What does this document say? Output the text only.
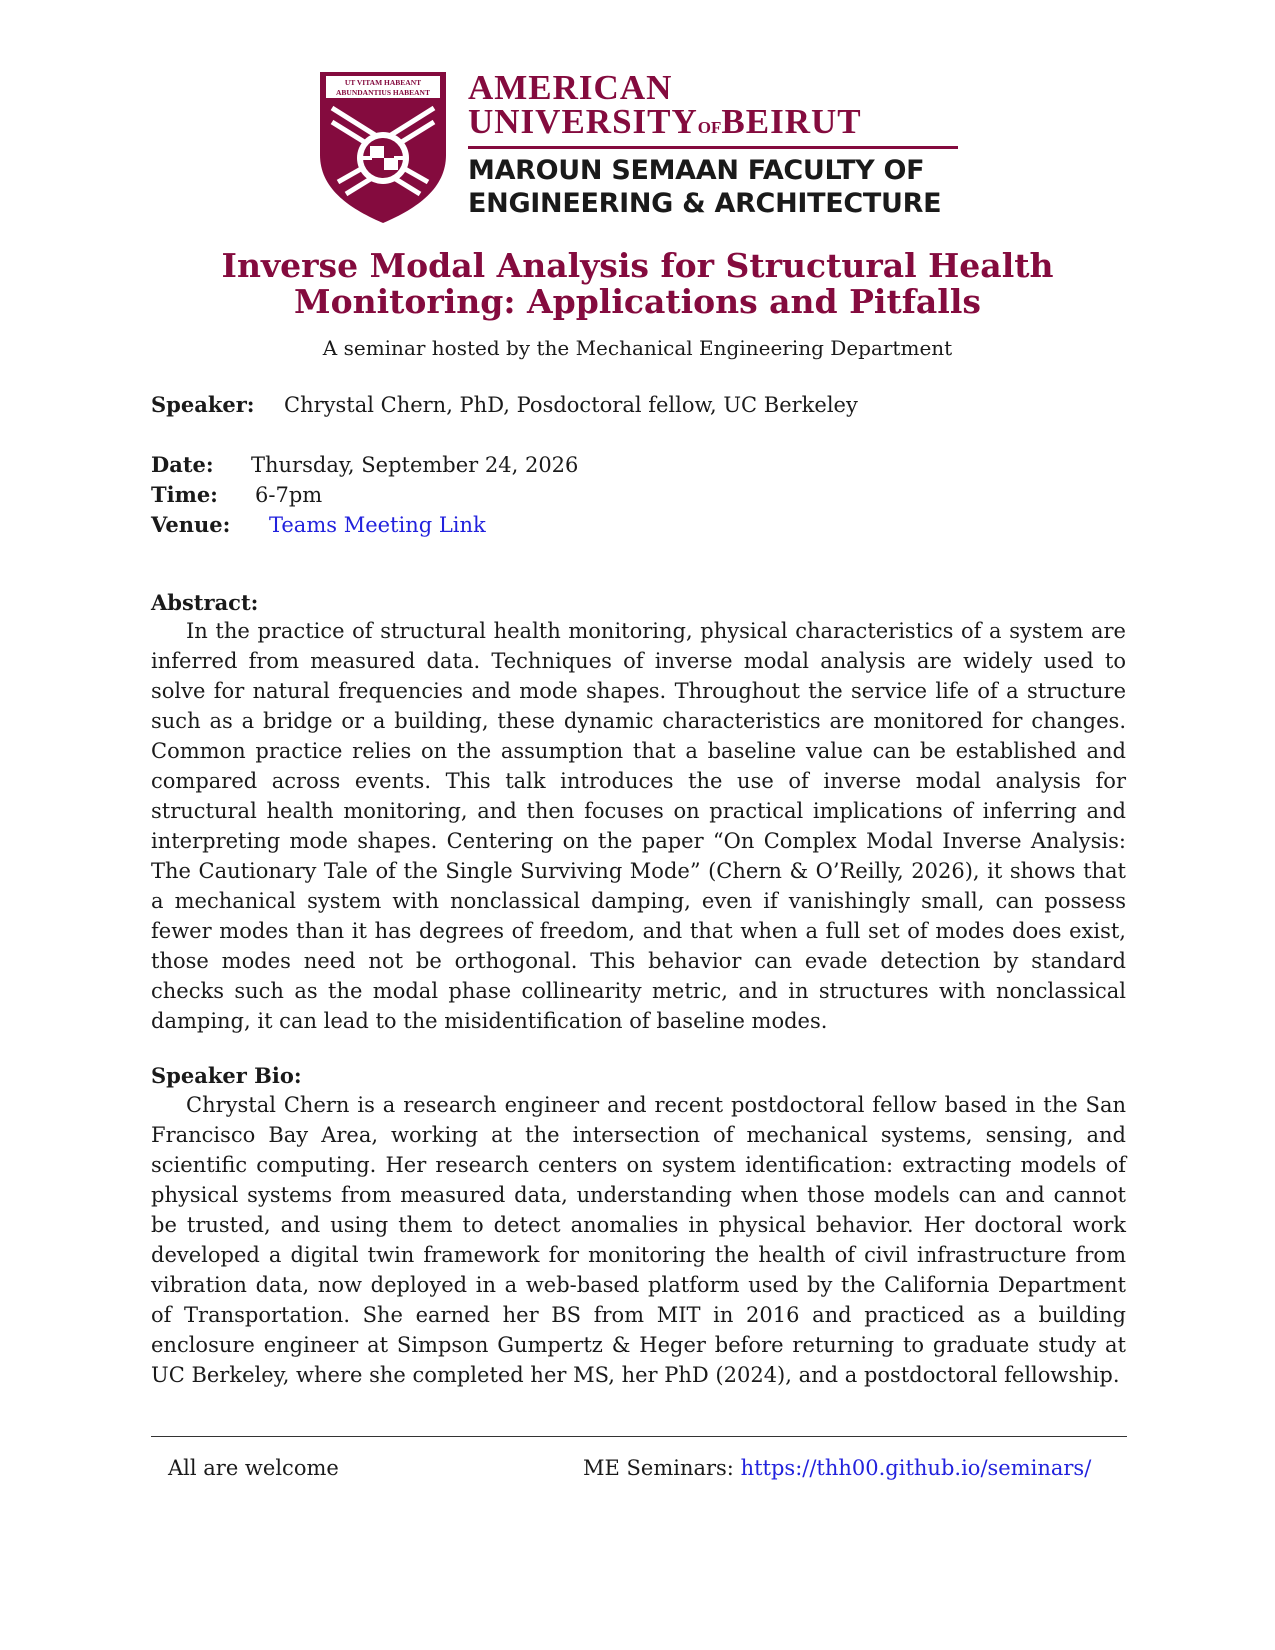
UT VITAM HABEANT
ABUNDANTIUS HABEANT AMERICAN
UNIVERSITYOFBEIRUT
MAROUN SEMAAN FACULTY OF
ENGINEERING & ARCHITECTURE
Inverse Modal Analysis for Structural Health
Monitoring: Applications and Pitfalls
A seminar hosted by the Mechanical Engineering Department
Speaker: Chrystal Chern, PhD, Posdoctoral fellow, UC Berkeley
Date: Thursday, September 24, 2026
Time: 6-7pm
Venue: Teams Meeting Link
Abstract:

In the practice of structural health monitoring, physical characteristics of a system are inferred from measured data. Techniques of inverse modal analysis are widely used to solve for natural frequencies and mode shapes. Throughout the service life of a structure such as a bridge or a building, these dynamic characteristics are monitored for changes. Common practice relies on the assumption that a baseline value can be established and compared across events. This talk introduces the use of inverse modal analysis for structural health monitoring, and then focuses on practical implications of inferring and interpreting mode shapes. Centering on the paper “On Complex Modal Inverse Analysis: The Cautionary Tale of the Single Surviving Mode” (Chern & O’Reilly, 2026), it shows that a mechanical system with nonclassical damping, even if vanishingly small, can possess fewer modes than it has degrees of freedom, and that when a full set of modes does exist, those modes need not be orthogonal. This behavior can evade detection by standard checks such as the modal phase collinearity metric, and in structures with nonclassical damping, it can lead to the misidentification of baseline modes.

Speaker Bio:

Chrystal Chern is a research engineer and recent postdoctoral fellow based in the San Francisco Bay Area, working at the intersection of mechanical systems, sensing, and scientific computing. Her research centers on system identification: extracting models of physical systems from measured data, understanding when those models can and cannot be trusted, and using them to detect anomalies in physical behavior. Her doctoral work developed a digital twin framework for monitoring the health of civil infrastructure from vibration data, now deployed in a web-based platform used by the California Department of Transportation. She earned her BS from MIT in 2016 and practiced as a building enclosure engineer at Simpson Gumpertz & Heger before returning to graduate study at UC Berkeley, where she completed her MS, her PhD (2024), and a postdoctoral fellowship.

All are welcome	ME Seminars: https://thh00.github.io/seminars/
